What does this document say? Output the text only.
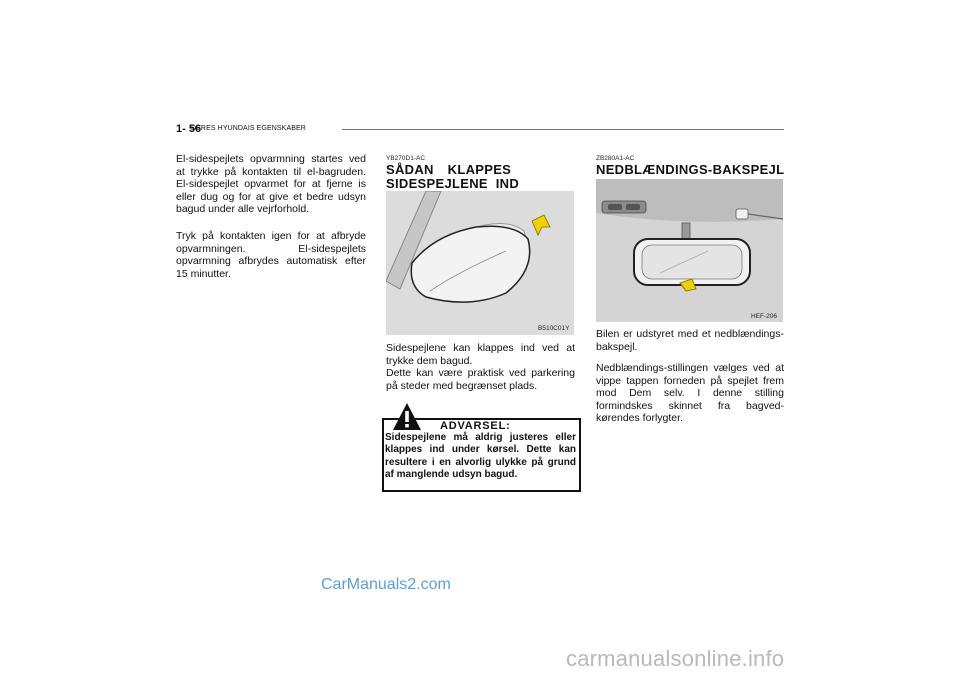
1- 56
DERES HYUNDAIS EGENSKABER
El-sidespejlets opvarmning startes ved at trykke på kontakten til el-bagruden. El-sidespejlet opvarmet for at fjerne is eller dug og for at give et bedre udsyn bagud under alle vejrforhold.
Tryk på kontakten igen for at afbryde opvarmningen. El-sidespejlets opvarmning afbrydes automatisk efter 15 minutter.
YB270D1-AC
SÅDAN KLAPPES
SIDESPEJLENE IND
B510C01Y
Sidespejlene kan klappes ind ved at trykke dem bagud.
Dette kan være praktisk ved parkering på steder med begrænset plads.
ADVARSEL:
Sidespejlene må aldrig justeres eller klappes ind under kørsel. Dette kan resultere i en alvorlig ulykke på grund af manglende udsyn bagud.
ZB280A1-AC
NEDBLÆNDINGS-BAKSPEJL
HEF-206
Bilen er udstyret med et nedblændings-bakspejl.
Nedblændings-stillingen vælges ved at vippe tappen forneden på spejlet frem mod Dem selv. I denne stilling formindskes skinnet fra bagved-kørendes forlygter.
CarManuals2.com
carmanualsonline.info
